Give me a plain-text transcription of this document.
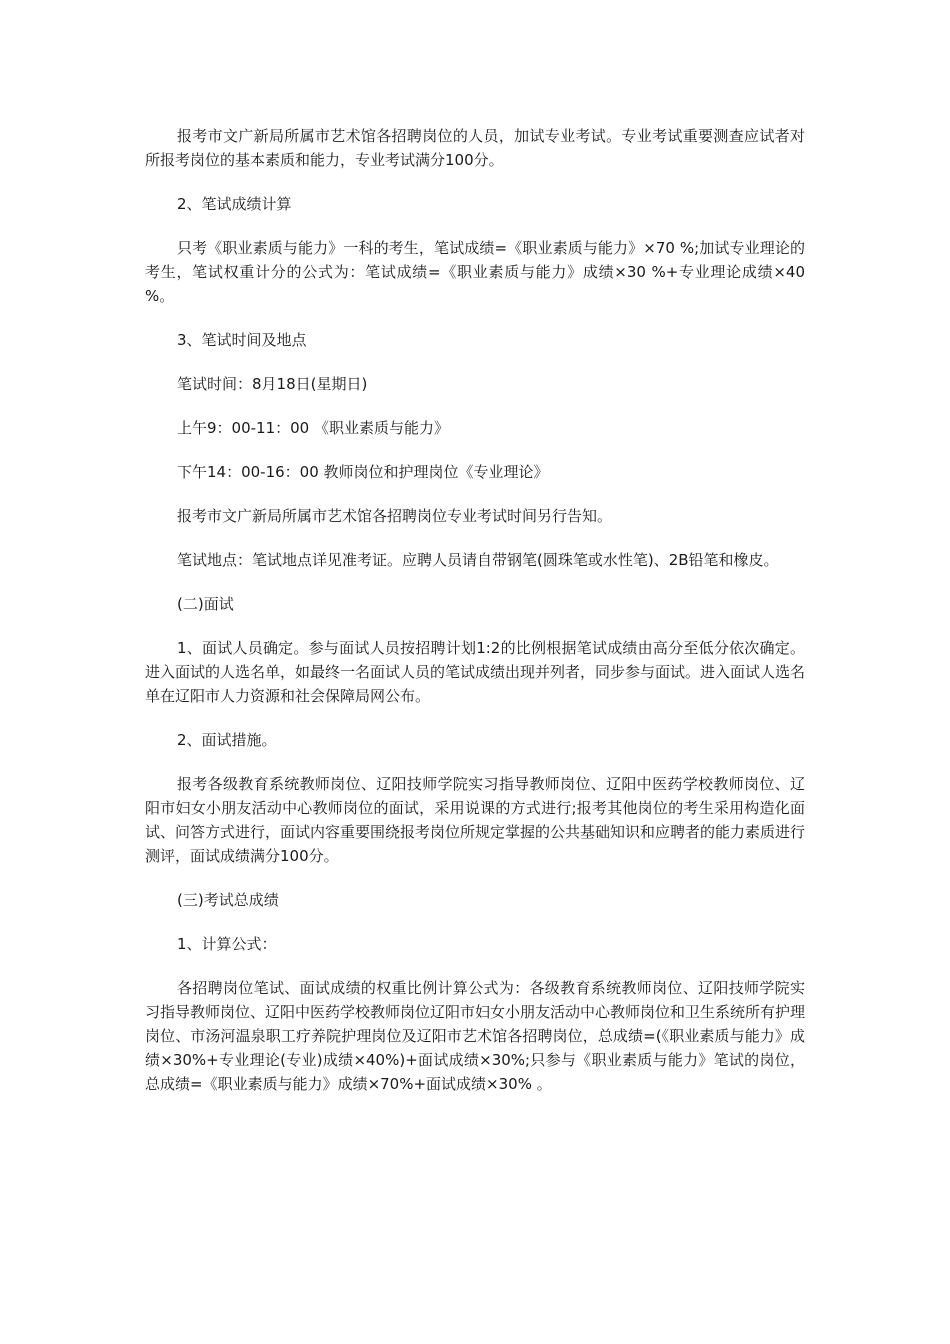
报考市文广新局所属市艺术馆各招聘岗位的人员，加试专业考试。专业考试重要测查应试者对所报考岗位的基本素质和能力，专业考试满分100分。

2、笔试成绩计算

只考《职业素质与能力》一科的考生，笔试成绩=《职业素质与能力》×70 %;加试专业理论的考生，笔试权重计分的公式为：笔试成绩=《职业素质与能力》成绩×30 %+专业理论成绩×40 %。

3、笔试时间及地点

笔试时间：8月18日(星期日)

上午9：00-11：00 《职业素质与能力》

下午14：00-16：00 教师岗位和护理岗位《专业理论》

报考市文广新局所属市艺术馆各招聘岗位专业考试时间另行告知。

笔试地点：笔试地点详见准考证。应聘人员请自带钢笔(圆珠笔或水性笔)、2B铅笔和橡皮。

(二)面试

1、面试人员确定。参与面试人员按招聘计划1:2的比例根据笔试成绩由高分至低分依次确定。进入面试的人选名单，如最终一名面试人员的笔试成绩出现并列者，同步参与面试。进入面试人选名单在辽阳市人力资源和社会保障局网公布。

2、面试措施。

报考各级教育系统教师岗位、辽阳技师学院实习指导教师岗位、辽阳中医药学校教师岗位、辽阳市妇女小朋友活动中心教师岗位的面试，采用说课的方式进行;报考其他岗位的考生采用构造化面试、问答方式进行，面试内容重要围绕报考岗位所规定掌握的公共基础知识和应聘者的能力素质进行测评，面试成绩满分100分。

(三)考试总成绩

1、计算公式：

各招聘岗位笔试、面试成绩的权重比例计算公式为：各级教育系统教师岗位、辽阳技师学院实习指导教师岗位、辽阳中医药学校教师岗位辽阳市妇女小朋友活动中心教师岗位和卫生系统所有护理岗位、市汤河温泉职工疗养院护理岗位及辽阳市艺术馆各招聘岗位，总成绩=(《职业素质与能力》成绩×30%+专业理论(专业)成绩×40%)+面试成绩×30%;只参与《职业素质与能力》笔试的岗位，总成绩=《职业素质与能力》成绩×70%+面试成绩×30% 。
